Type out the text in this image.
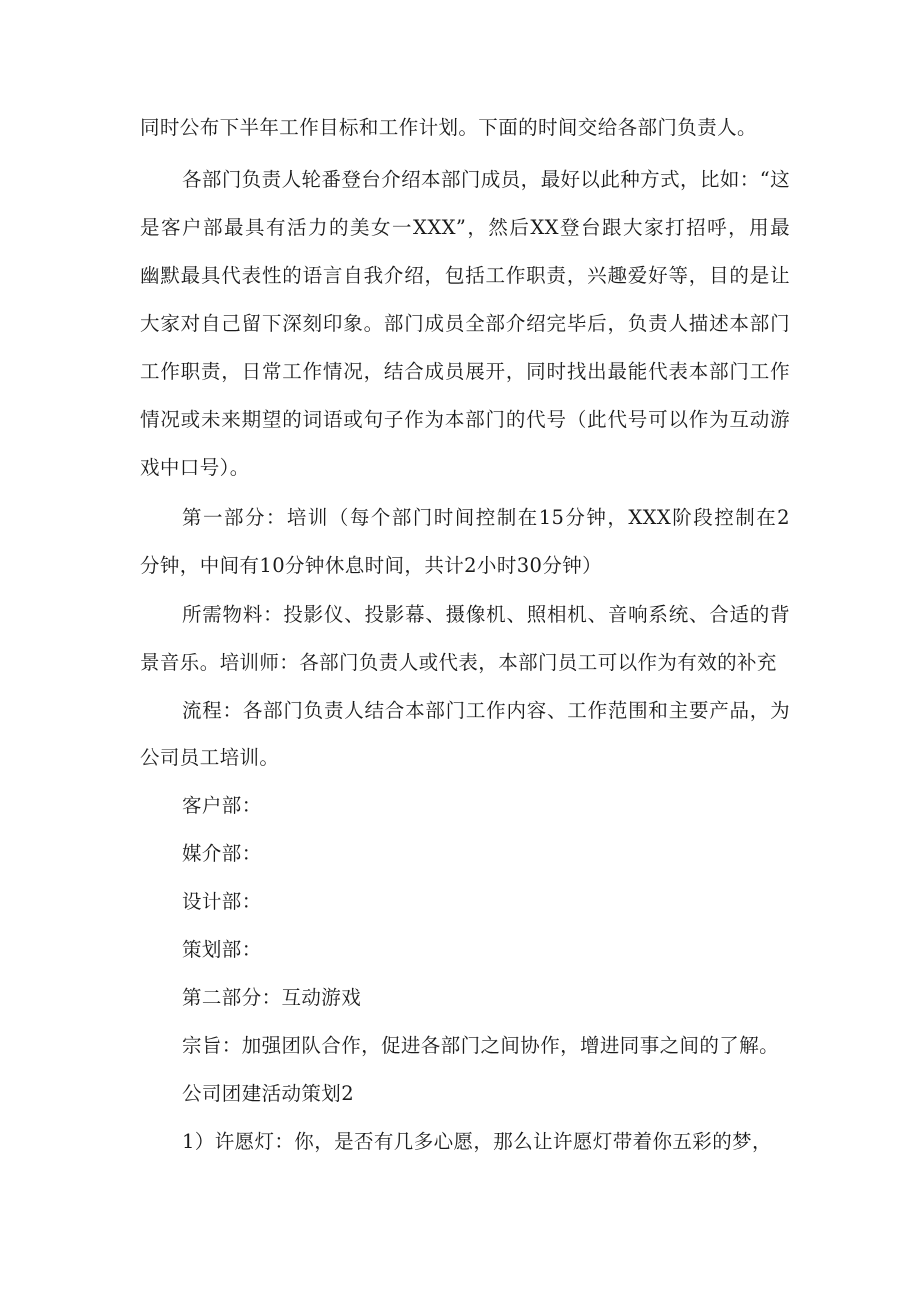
同时公布下半年工作目标和工作计划。下面的时间交给各部门负责人。
各部门负责人轮番登台介绍本部门成员，最好以此种方式，比如：“这
是客户部最具有活力的美女一XXX”，然后XX登台跟大家打招呼，用最
幽默最具代表性的语言自我介绍，包括工作职责，兴趣爱好等，目的是让
大家对自己留下深刻印象。部门成员全部介绍完毕后，负责人描述本部门
工作职责，日常工作情况，结合成员展开，同时找出最能代表本部门工作
情况或未来期望的词语或句子作为本部门的代号（此代号可以作为互动游
戏中口号）。
第一部分：培训（每个部门时间控制在15分钟，XXX阶段控制在2
分钟，中间有10分钟休息时间，共计2小时30分钟）
所需物料：投影仪、投影幕、摄像机、照相机、音响系统、合适的背
景音乐。培训师：各部门负责人或代表，本部门员工可以作为有效的补充
流程：各部门负责人结合本部门工作内容、工作范围和主要产品，为
公司员工培训。
客户部：
媒介部：
设计部：
策划部：
第二部分：互动游戏
宗旨：加强团队合作，促进各部门之间协作，增进同事之间的了解。
公司团建活动策划2
1）许愿灯：你，是否有几多心愿，那么让许愿灯带着你五彩的梦，
